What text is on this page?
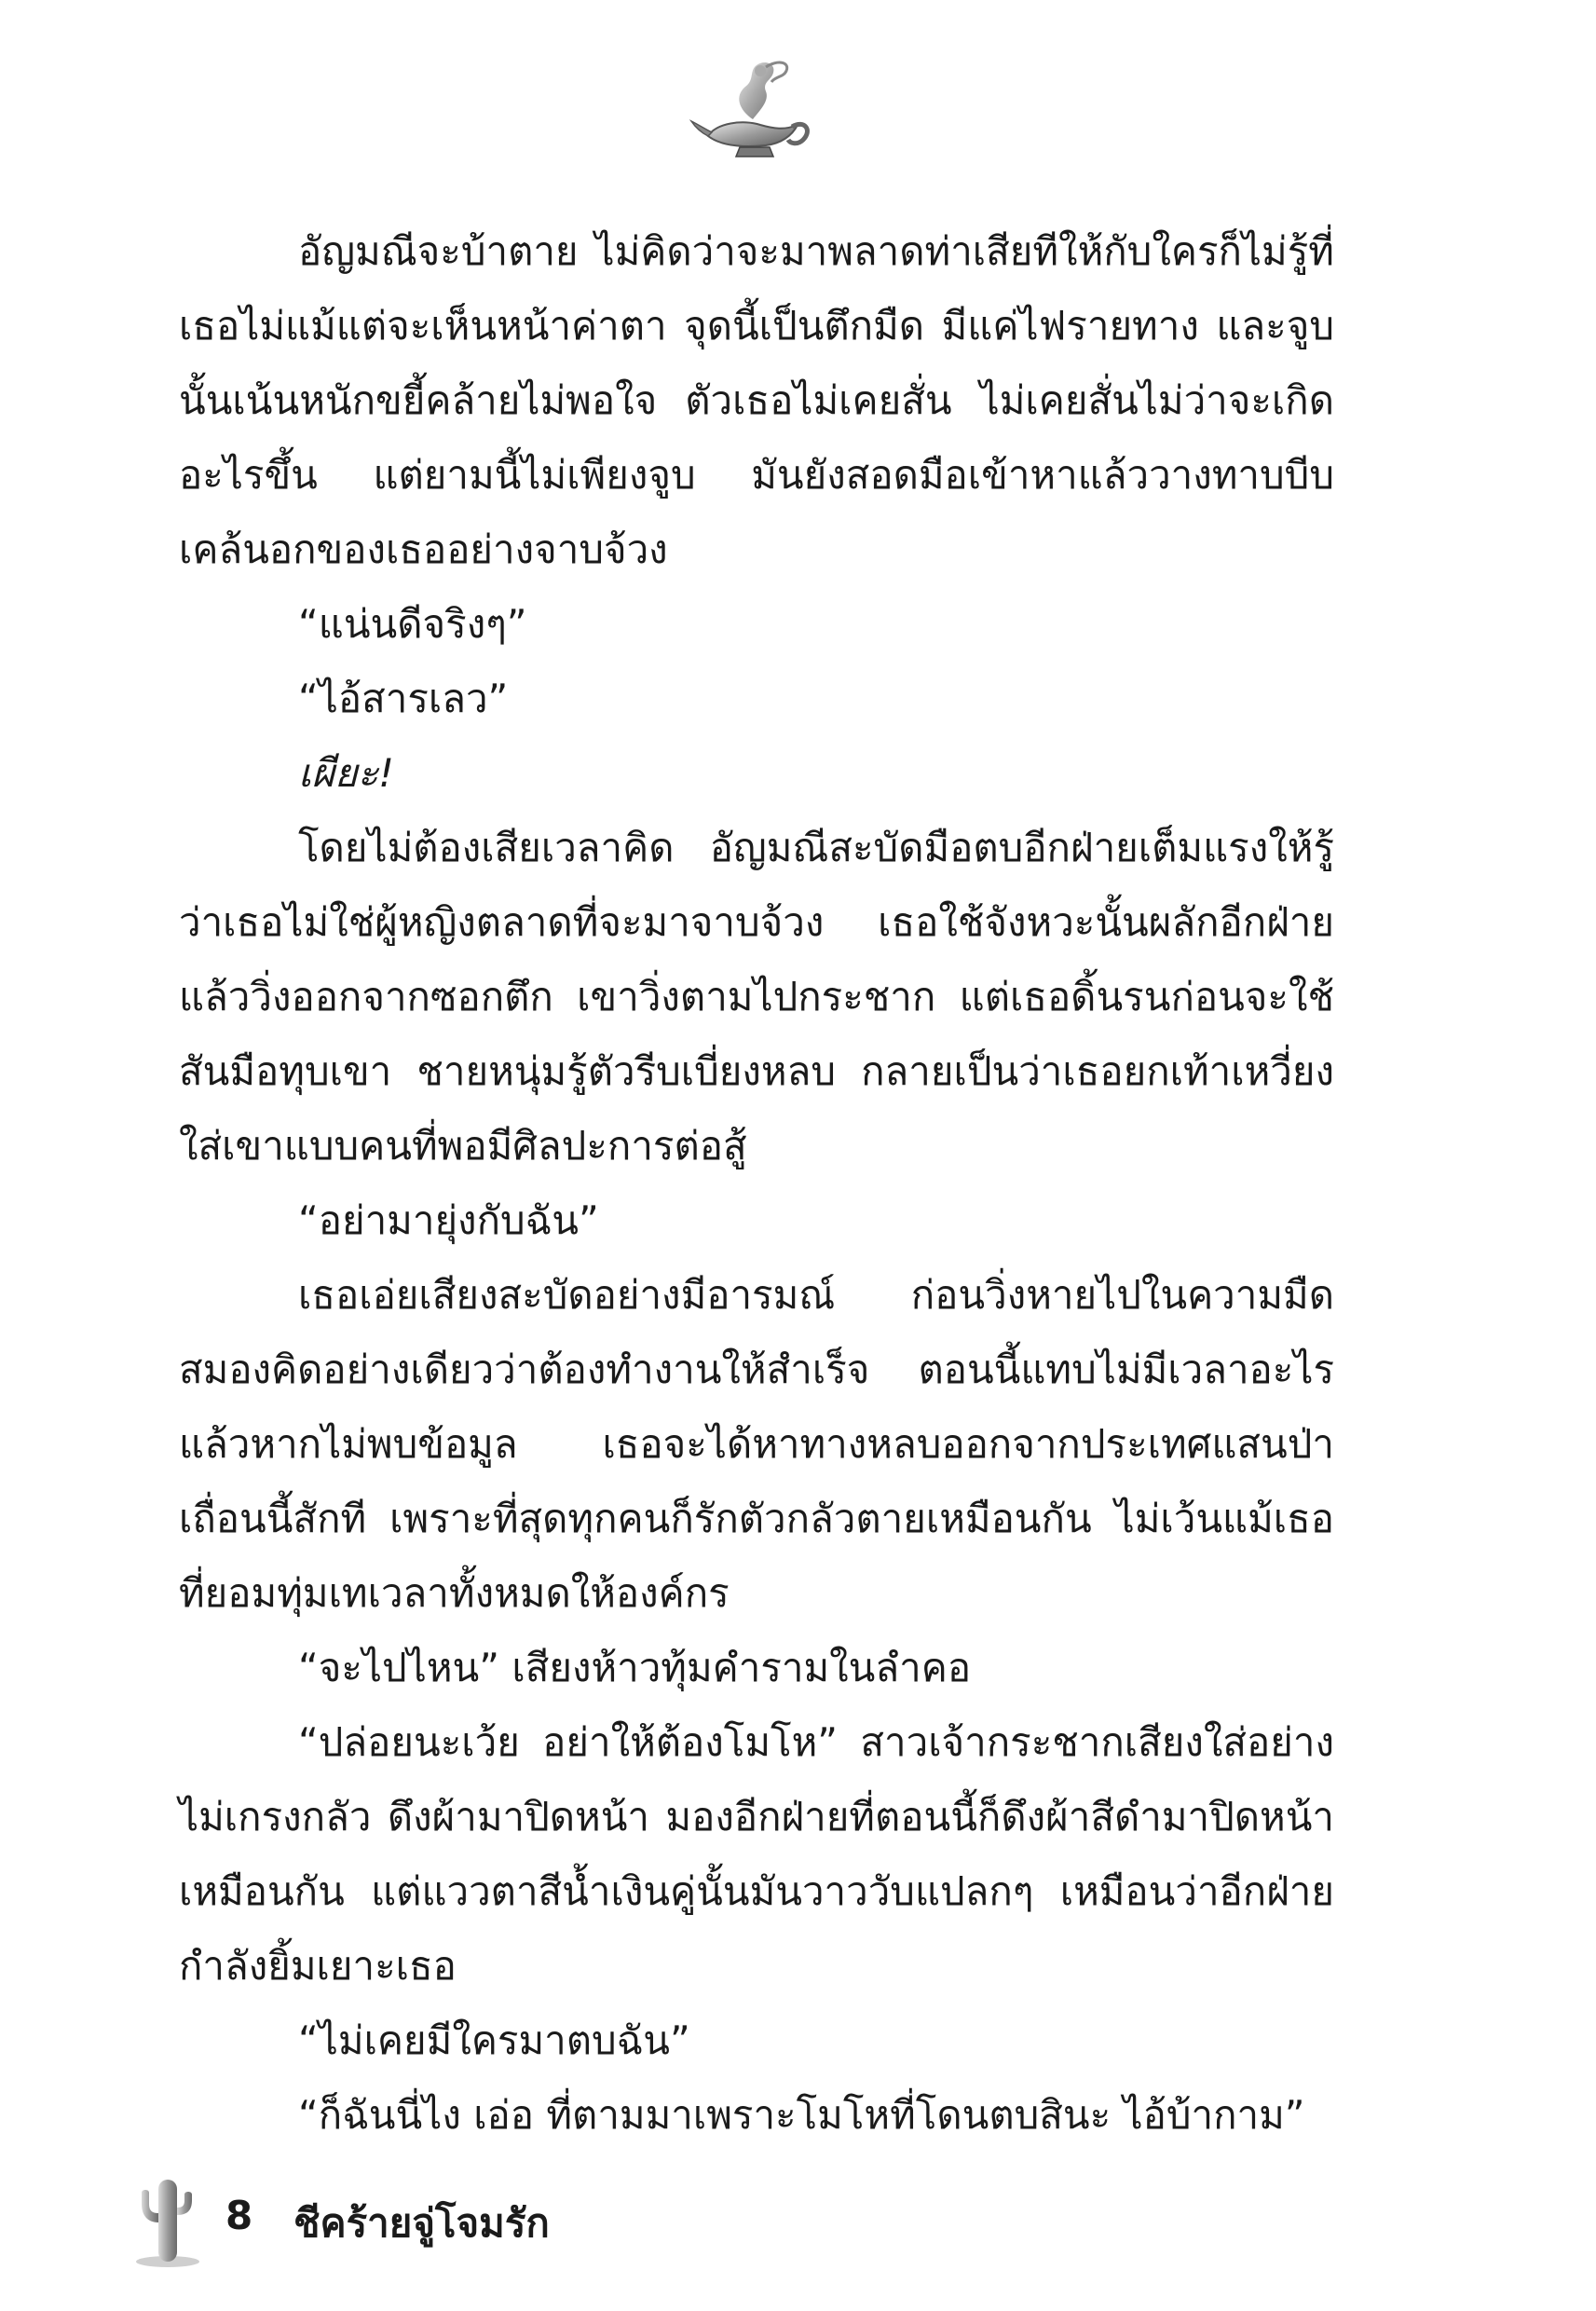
อัญมณีจะบ้าตาย ไม่คิดว่าจะมาพลาดท่าเสียทีให้กับใครก็ไม่รู้ที่เธอไม่แม้แต่จะเห็นหน้าค่าตา จุดนี้เป็นตึกมืด มีแค่ไฟรายทาง และจูบนั้นเน้นหนักขยี้คล้ายไม่พอใจ ตัวเธอไม่เคยสั่น ไม่เคยสั่นไม่ว่าจะเกิดอะไรขึ้น แต่ยามนี้ไม่เพียงจูบ มันยังสอดมือเข้าหาแล้ววางทาบบีบเคล้นอกของเธออย่างจาบจ้วง

“แน่นดีจริงๆ”

“ไอ้สารเลว”

เผียะ!

โดยไม่ต้องเสียเวลาคิด อัญมณีสะบัดมือตบอีกฝ่ายเต็มแรงให้รู้ว่าเธอไม่ใช่ผู้หญิงตลาดที่จะมาจาบจ้วง เธอใช้จังหวะนั้นผลักอีกฝ่ายแล้ววิ่งออกจากซอกตึก เขาวิ่งตามไปกระชาก แต่เธอดิ้นรนก่อนจะใช้สันมือทุบเขา ชายหนุ่มรู้ตัวรีบเบี่ยงหลบ กลายเป็นว่าเธอยกเท้าเหวี่ยงใส่เขาแบบคนที่พอมีศิลปะการต่อสู้

“อย่ามายุ่งกับฉัน”

เธอเอ่ยเสียงสะบัดอย่างมีอารมณ์ ก่อนวิ่งหายไปในความมืดสมองคิดอย่างเดียวว่าต้องทำงานให้สำเร็จ ตอนนี้แทบไม่มีเวลาอะไรแล้วหากไม่พบข้อมูล เธอจะได้หาทางหลบออกจากประเทศแสนป่าเถื่อนนี้สักที เพราะที่สุดทุกคนก็รักตัวกลัวตายเหมือนกัน ไม่เว้นแม้เธอที่ยอมทุ่มเทเวลาทั้งหมดให้องค์กร

“จะไปไหน” เสียงห้าวทุ้มคำรามในลำคอ

“ปล่อยนะเว้ย อย่าให้ต้องโมโห” สาวเจ้ากระชากเสียงใส่อย่างไม่เกรงกลัว ดึงผ้ามาปิดหน้า มองอีกฝ่ายที่ตอนนี้ก็ดึงผ้าสีดำมาปิดหน้าเหมือนกัน แต่แววตาสีน้ำเงินคู่นั้นมันวาววับแปลกๆ เหมือนว่าอีกฝ่ายกำลังยิ้มเยาะเธอ

“ไม่เคยมีใครมาตบฉัน”

“ก็ฉันนี่ไง เอ่อ ที่ตามมาเพราะโมโหที่โดนตบสินะ ไอ้บ้ากาม”

8 ชีคร้ายจู่โจมรัก
